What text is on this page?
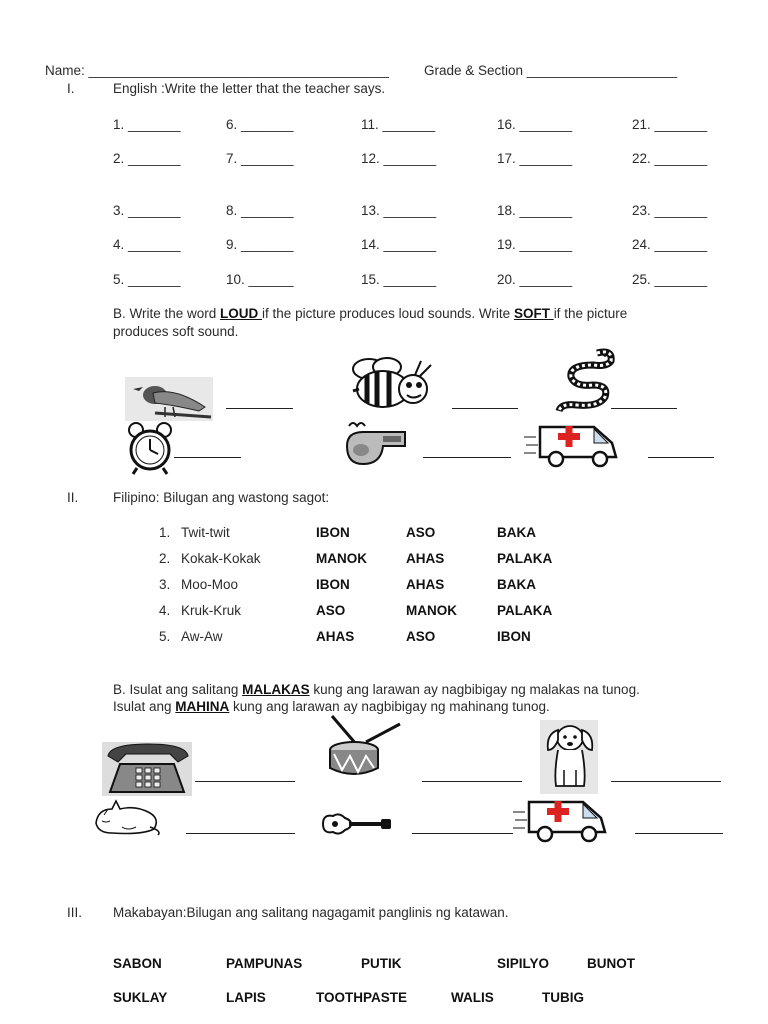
Name: ________________________________________	Grade & Section ____________________
I.	English :Write the letter that the teacher says.
1. _______	6. _______	11. _______	16. _______	21. _______
2. _______	7. _______	12. _______	17. _______	22. _______
3. _______	8. _______	13. _______	18. _______	23. _______
4. _______	9. _______	14. _______	19. _______	24. _______
5. _______	10. ______	15. _______	20. _______	25. _______
B. Write the word LOUD if the picture produces loud sounds. Write SOFT if the picture
produces soft sound.
II.	Filipino: Bilugan ang wastong sagot:
1. Twit-twit	IBON	ASO	BAKA
2. Kokak-Kokak	MANOK	AHAS	PALAKA
3. Moo-Moo	IBON	AHAS	BAKA
4. Kruk-Kruk	ASO	MANOK	PALAKA
5. Aw-Aw	AHAS	ASO	IBON
B. Isulat ang salitang MALAKAS kung ang larawan ay nagbibigay ng malakas na tunog.
Isulat ang MAHINA kung ang larawan ay nagbibigay ng mahinang tunog.
III. Makabayan:Bilugan ang salitang nagagamit panglinis ng katawan.
SABON	PAMPUNAS	PUTIK	SIPILYO	BUNOT
SUKLAY	LAPIS	TOOTHPASTE	WALIS	TUBIG
